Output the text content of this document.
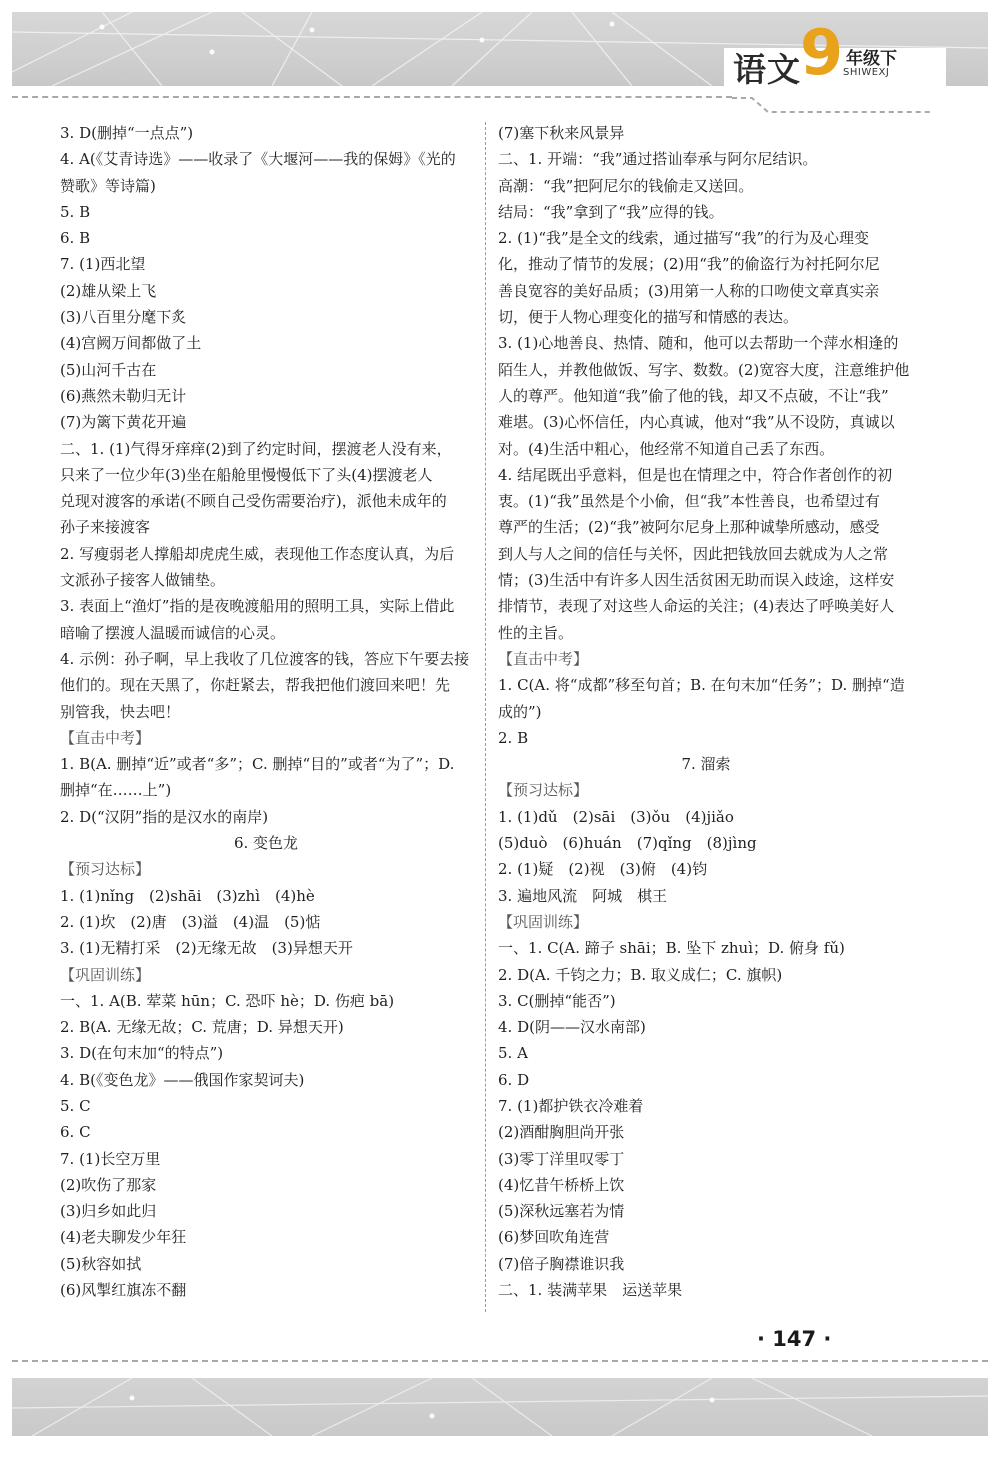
语文 9 年级下
SHIWEXJ
3. D(删掉“一点点”)
4. A(《艾青诗选》——收录了《大堰河——我的保姆》《光的
赞歌》等诗篇)
5. B
6. B
7. (1)西北望
(2)雄从梁上飞
(3)八百里分麾下炙
(4)宫阙万间都做了土
(5)山河千古在
(6)燕然未勒归无计
(7)为篱下黄花开遍
二、1. (1)气得牙痒痒(2)到了约定时间，摆渡老人没有来，
只来了一位少年(3)坐在船舱里慢慢低下了头(4)摆渡老人
兑现对渡客的承诺(不顾自己受伤需要治疗)，派他未成年的
孙子来接渡客
2. 写瘦弱老人撑船却虎虎生威，表现他工作态度认真，为后
文派孙子接客人做铺垫。
3. 表面上“渔灯”指的是夜晚渡船用的照明工具，实际上借此
暗喻了摆渡人温暖而诚信的心灵。
4. 示例：孙子啊，早上我收了几位渡客的钱，答应下午要去接
他们的。现在天黑了，你赶紧去，帮我把他们渡回来吧！先
别管我，快去吧！
【直击中考】
1. B(A. 删掉“近”或者“多”；C. 删掉“目的”或者“为了”；D.
删掉“在……上”)
2. D(“汉阴”指的是汉水的南岸)
6. 变色龙
【预习达标】
1. (1)nǐng　(2)shāi　(3)zhì　(4)hè
2. (1)坎　(2)唐　(3)溢　(4)温　(5)惦
3. (1)无精打采　(2)无缘无故　(3)异想天开
【巩固训练】
一、1. A(B. 荤菜 hūn；C. 恐吓 hè；D. 伤疤 bā)
2. B(A. 无缘无故；C. 荒唐；D. 异想天开)
3. D(在句末加“的特点”)
4. B(《变色龙》——俄国作家契诃夫)
5. C
6. C
7. (1)长空万里
(2)吹伤了那家
(3)归乡如此归
(4)老夫聊发少年狂
(5)秋容如拭
(6)风掣红旗冻不翻
(7)塞下秋来风景异
二、1. 开端：“我”通过搭讪奉承与阿尔尼结识。
高潮：“我”把阿尼尔的钱偷走又送回。
结局：“我”拿到了“我”应得的钱。
2. (1)“我”是全文的线索，通过描写“我”的行为及心理变
化，推动了情节的发展；(2)用“我”的偷盗行为衬托阿尔尼
善良宽容的美好品质；(3)用第一人称的口吻使文章真实亲
切，便于人物心理变化的描写和情感的表达。
3. (1)心地善良、热情、随和，他可以去帮助一个萍水相逢的
陌生人，并教他做饭、写字、数数。(2)宽容大度，注意维护他
人的尊严。他知道“我”偷了他的钱，却又不点破，不让“我”
难堪。(3)心怀信任，内心真诚，他对“我”从不设防，真诚以
对。(4)生活中粗心，他经常不知道自己丢了东西。
4. 结尾既出乎意料，但是也在情理之中，符合作者创作的初
衷。(1)“我”虽然是个小偷，但“我”本性善良，也希望过有
尊严的生活；(2)“我”被阿尔尼身上那种诚挚所感动，感受
到人与人之间的信任与关怀，因此把钱放回去就成为人之常
情；(3)生活中有许多人因生活贫困无助而误入歧途，这样安
排情节，表现了对这些人命运的关注；(4)表达了呼唤美好人
性的主旨。
【直击中考】
1. C(A. 将“成都”移至句首；B. 在句末加“任务”；D. 删掉“造
成的”)
2. B
7. 溜索
【预习达标】
1. (1)dǔ　(2)sāi　(3)ǒu　(4)jiǎo
(5)duò　(6)huán　(7)qǐng　(8)jìng
2. (1)疑　(2)视　(3)俯　(4)钧
3. 遍地风流　阿城　棋王
【巩固训练】
一、1. C(A. 蹄子 shāi；B. 坠下 zhuì；D. 俯身 fǔ)
2. D(A. 千钧之力；B. 取义成仁；C. 旗帜)
3. C(删掉“能否”)
4. D(阴——汉水南部)
5. A
6. D
7. (1)都护铁衣冷难着
(2)酒酣胸胆尚开张
(3)零丁洋里叹零丁
(4)忆昔午桥桥上饮
(5)深秋远塞若为情
(6)梦回吹角连营
(7)倍子胸襟谁识我
二、1. 装满苹果　运送苹果
· 147 ·
